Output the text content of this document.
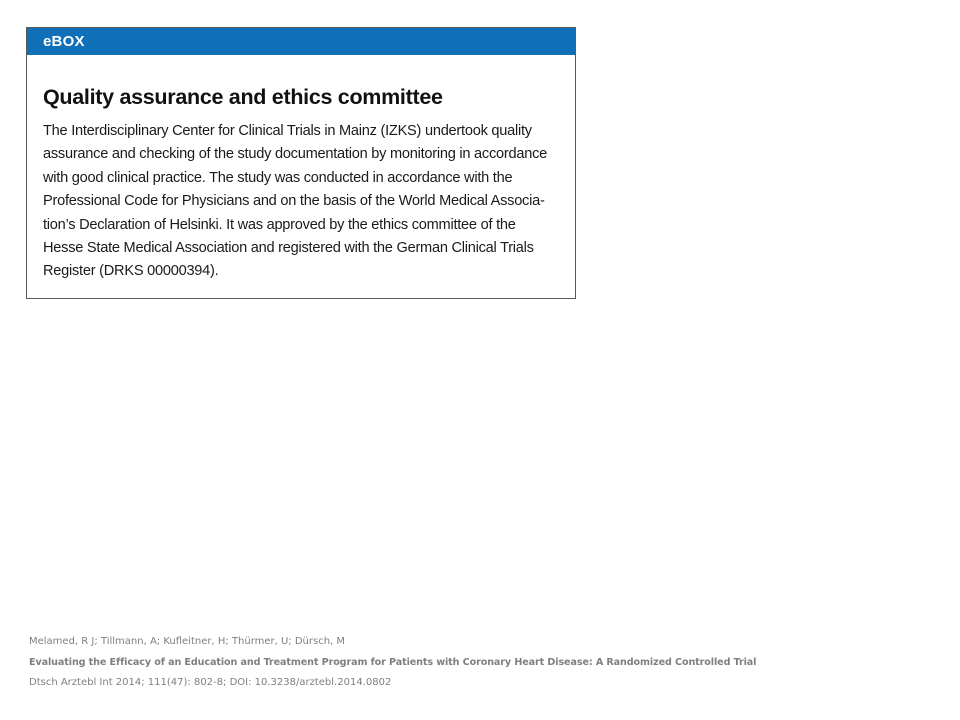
eBOX
Quality assurance and ethics committee

The Interdisciplinary Center for Clinical Trials in Mainz (IZKS) undertook quality
assurance and checking of the study documentation by monitoring in accordance
with good clinical practice. The study was conducted in accordance with the
Professional Code for Physicians and on the basis of the World Medical Associa-
tion’s Declaration of Helsinki. It was approved by the ethics committee of the
Hesse State Medical Association and registered with the German Clinical Trials
Register (DRKS 00000394).

Melamed, R J; Tillmann, A; Kufleitner, H; Thürmer, U; Dürsch, M
Evaluating the Efficacy of an Education and Treatment Program for Patients with Coronary Heart Disease: A Randomized Controlled Trial
Dtsch Arztebl Int 2014; 111(47): 802-8; DOI: 10.3238/arztebl.2014.0802
